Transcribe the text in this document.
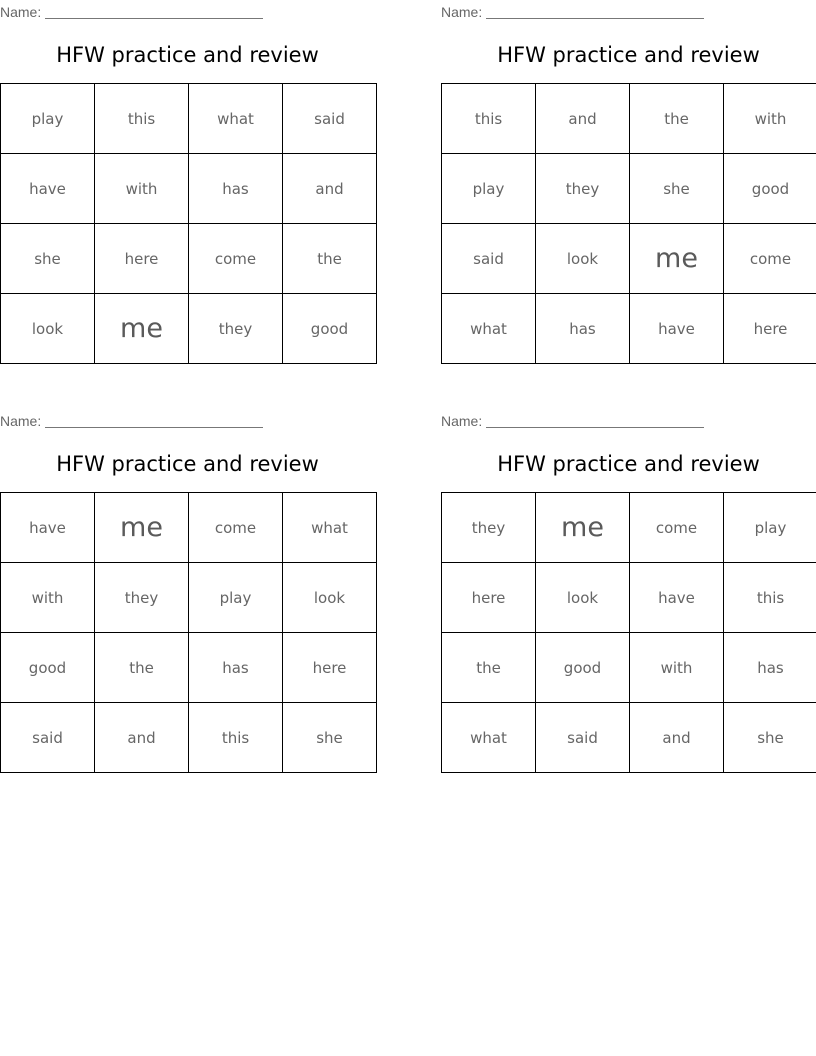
Name:
HFW practice and review
play	this	what	said
have	with	has	and
she	here	come	the
look	me	they	good
Name:
HFW practice and review
this	and	the	with
play	they	she	good
said	look	me	come
what	has	have	here
Name:
HFW practice and review
have	me	come	what
with	they	play	look
good	the	has	here
said	and	this	she
Name:
HFW practice and review
they	me	come	play
here	look	have	this
the	good	with	has
what	said	and	she
